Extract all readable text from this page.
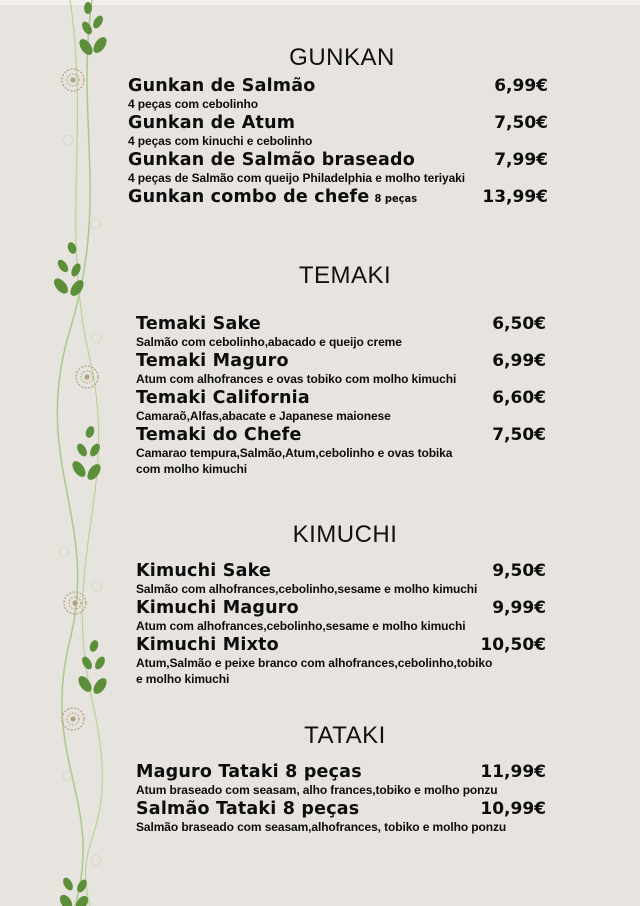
GUNKAN
Gunkan de Salmão	6,99€
4 peças com cebolinho
Gunkan de Atum	7,50€
4 peças com kinuchi e cebolinho
Gunkan de Salmão braseado	7,99€
4 peças de Salmão com queijo Philadelphia e molho teriyaki
Gunkan combo de chefe 8 peças	13,99€
TEMAKI
Temaki Sake	6,50€
Salmão com cebolinho,abacado e queijo creme
Temaki Maguro	6,99€
Atum com alhofrances e ovas tobiko com molho kimuchi
Temaki California	6,60€
Camaraõ,Alfas,abacate e Japanese maionese
Temaki do Chefe	7,50€
Camarao tempura,Salmão,Atum,cebolinho e ovas tobika
com molho kimuchi
KIMUCHI
Kimuchi Sake	9,50€
Salmão com alhofrances,cebolinho,sesame e molho kimuchi
Kimuchi Maguro	9,99€
Atum com alhofrances,cebolinho,sesame e molho kimuchi
Kimuchi Mixto	10,50€
Atum,Salmão e peixe branco com alhofrances,cebolinho,tobiko
e molho kimuchi
TATAKI
Maguro Tataki 8 peças	11,99€
Atum braseado com seasam, alho frances,tobiko e molho ponzu
Salmão Tataki 8 peças	10,99€
Salmão braseado com seasam,alhofrances, tobiko e molho ponzu
